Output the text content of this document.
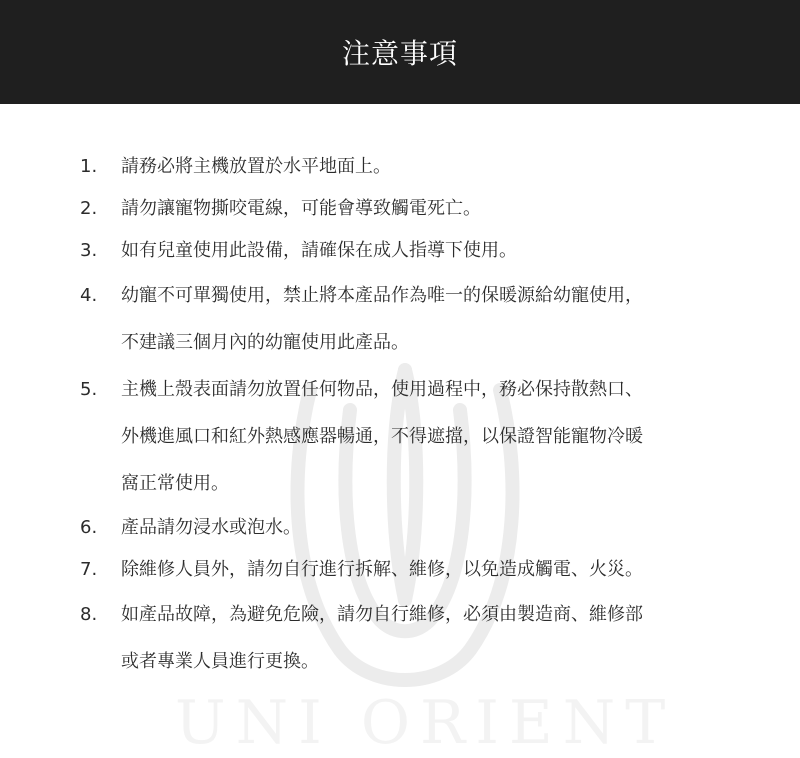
注意事項
UNI ORIENT
1. 請務必將主機放置於水平地面上。
2. 請勿讓寵物撕咬電線，可能會導致觸電死亡。
3. 如有兒童使用此設備，請確保在成人指導下使用。
4. 幼寵不可單獨使用，禁止將本產品作為唯一的保暖源給幼寵使用，
不建議三個月內的幼寵使用此產品。
5. 主機上殼表面請勿放置任何物品，使用過程中，務必保持散熱口、
外機進風口和紅外熱感應器暢通，不得遮擋，以保證智能寵物冷暖
窩正常使用。
6. 產品請勿浸水或泡水。
7. 除維修人員外，請勿自行進行拆解、維修，以免造成觸電、火災。
8. 如產品故障，為避免危險，請勿自行維修，必須由製造商、維修部
或者專業人員進行更換。
